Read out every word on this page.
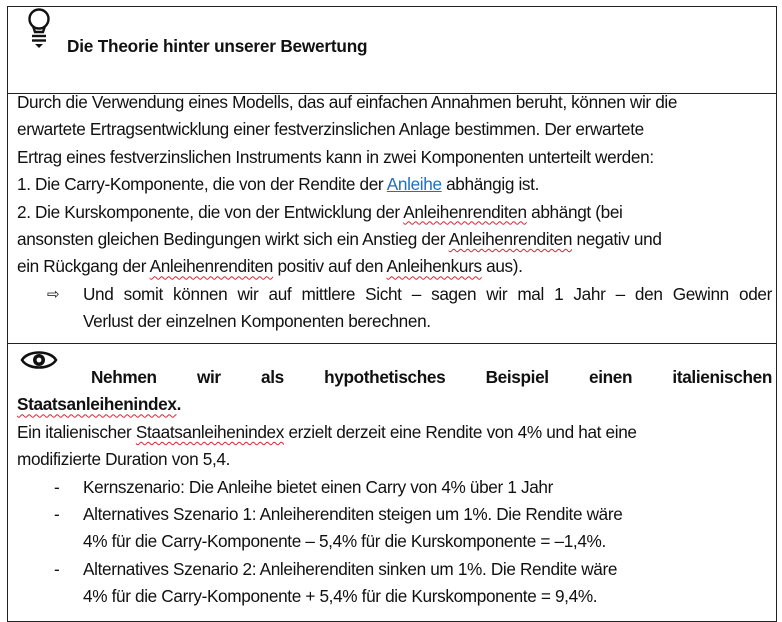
Die Theorie hinter unserer Bewertung
Durch die Verwendung eines Modells, das auf einfachen Annahmen beruht, können wir die
erwartete Ertragsentwicklung einer festverzinslichen Anlage bestimmen. Der erwartete
Ertrag eines festverzinslichen Instruments kann in zwei Komponenten unterteilt werden:
1. Die Carry-Komponente, die von der Rendite der Anleihe abhängig ist.
2. Die Kurskomponente, die von der Entwicklung der Anleihenrenditen abhängt (bei
ansonsten gleichen Bedingungen wirkt sich ein Anstieg der Anleihenrenditen negativ und
ein Rückgang der Anleihenrenditen positiv auf den Anleihenkurs aus).
⇨	Und somit können wir auf mittlere Sicht – sagen wir mal 1 Jahr – den Gewinn oder
Verlust der einzelnen Komponenten berechnen.
Nehmen wir als hypothetisches Beispiel einen italienischen
Staatsanleihenindex.
Ein italienischer Staatsanleihenindex erzielt derzeit eine Rendite von 4% und hat eine
modifizierte Duration von 5,4.
-	Kernszenario: Die Anleihe bietet einen Carry von 4% über 1 Jahr
-	Alternatives Szenario 1: Anleiherenditen steigen um 1%. Die Rendite wäre
4% für die Carry-Komponente – 5,4% für die Kurskomponente = –1,4%.
-	Alternatives Szenario 2: Anleiherenditen sinken um 1%. Die Rendite wäre
4% für die Carry-Komponente + 5,4% für die Kurskomponente = 9,4%.
